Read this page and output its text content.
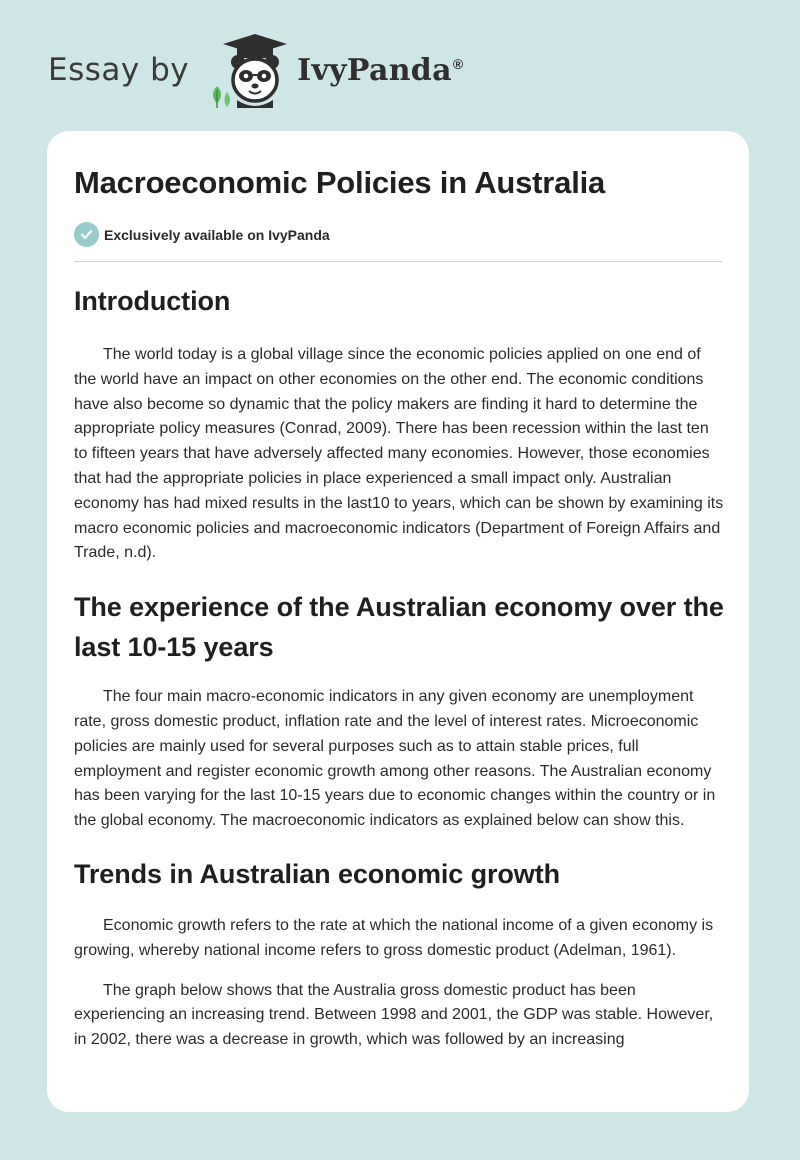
Essay by	IvyPanda®
Macroeconomic Policies in Australia
Exclusively available on IvyPanda
Introduction

The world today is a global village since the economic policies applied on one end of the world have an impact on other economies on the other end. The economic conditions have also become so dynamic that the policy makers are finding it hard to determine the appropriate policy measures (Conrad, 2009). There has been recession within the last ten to fifteen years that have adversely affected many economies. However, those economies that had the appropriate policies in place experienced a small impact only. Australian economy has had mixed results in the last10 to years, which can be shown by examining its macro economic policies and macroeconomic indicators (Department of Foreign Affairs and Trade, n.d).

The experience of the Australian economy over the last 10-15 years

The four main macro-economic indicators in any given economy are unemployment rate, gross domestic product, inflation rate and the level of interest rates. Microeconomic policies are mainly used for several purposes such as to attain stable prices, full employment and register economic growth among other reasons. The Australian economy has been varying for the last 10-15 years due to economic changes within the country or in the global economy. The macroeconomic indicators as explained below can show this.

Trends in Australian economic growth

Economic growth refers to the rate at which the national income of a given economy is growing, whereby national income refers to gross domestic product (Adelman, 1961).

The graph below shows that the Australia gross domestic product has been experiencing an increasing trend. Between 1998 and 2001, the GDP was stable. However, in 2002, there was a decrease in growth, which was followed by an increasing
